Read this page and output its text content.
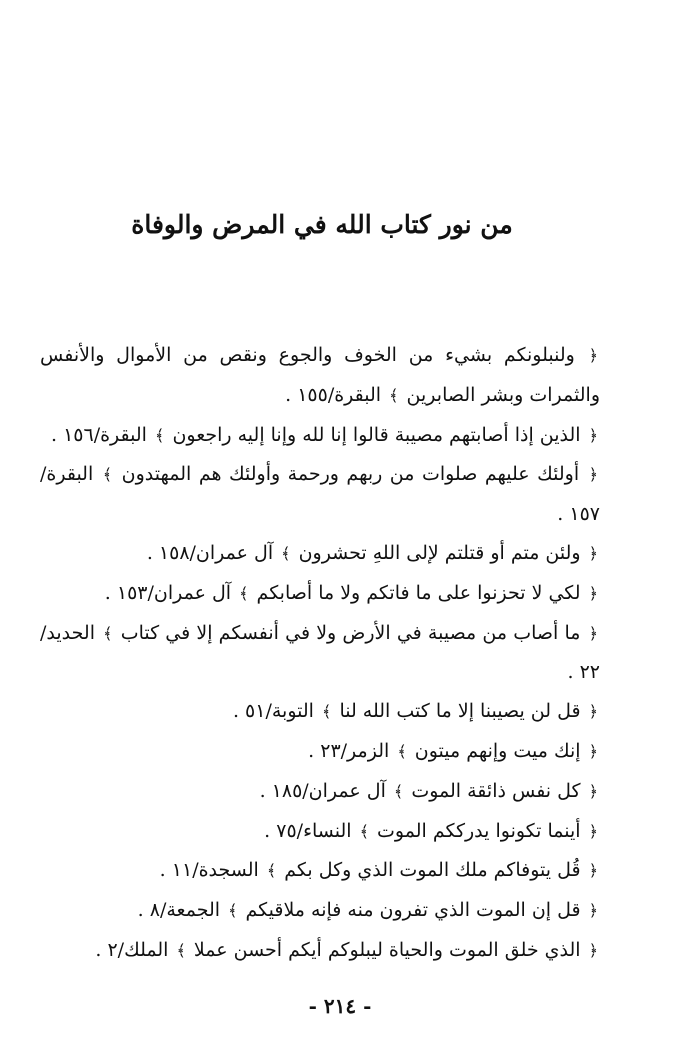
من نور كتاب الله في المرض والوفاة

﴿ ولنبلونكم بشيء من الخوف والجوع ونقص من الأموال والأنفس والثمرات وبشر الصابرين ﴾ البقرة/١٥٥ .

﴿ الذين إذا أصابتهم مصيبة قالوا إنا لله وإنا إليه راجعون ﴾ البقرة/١٥٦ .

﴿ أولئك عليهم صلوات من ربهم ورحمة وأولئك هم المهتدون ﴾ البقرة/١٥٧ .

﴿ ولئن متم أو قتلتم لإلى اللهِ تحشرون ﴾ آل عمران/١٥٨ .

﴿ لكي لا تحزنوا على ما فاتكم ولا ما أصابكم ﴾ آل عمران/١٥٣ .

﴿ ما أصاب من مصيبة في الأرض ولا في أنفسكم إلا في كتاب ﴾ الحديد/٢٢ .

﴿ قل لن يصيبنا إلا ما كتب الله لنا ﴾ التوبة/٥١ .

﴿ إنك ميت وإنهم ميتون ﴾ الزمر/٢٣ .

﴿ كل نفس ذائقة الموت ﴾ آل عمران/١٨٥ .

﴿ أينما تكونوا يدرككم الموت ﴾ النساء/٧٥ .

﴿ قُل يتوفاكم ملك الموت الذي وكل بكم ﴾ السجدة/١١ .

﴿ قل إن الموت الذي تفرون منه فإنه ملاقيكم ﴾ الجمعة/٨ .

﴿ الذي خلق الموت والحياة ليبلوكم أيكم أحسن عملا ﴾ الملك/٢ .

- ٢١٤ -
